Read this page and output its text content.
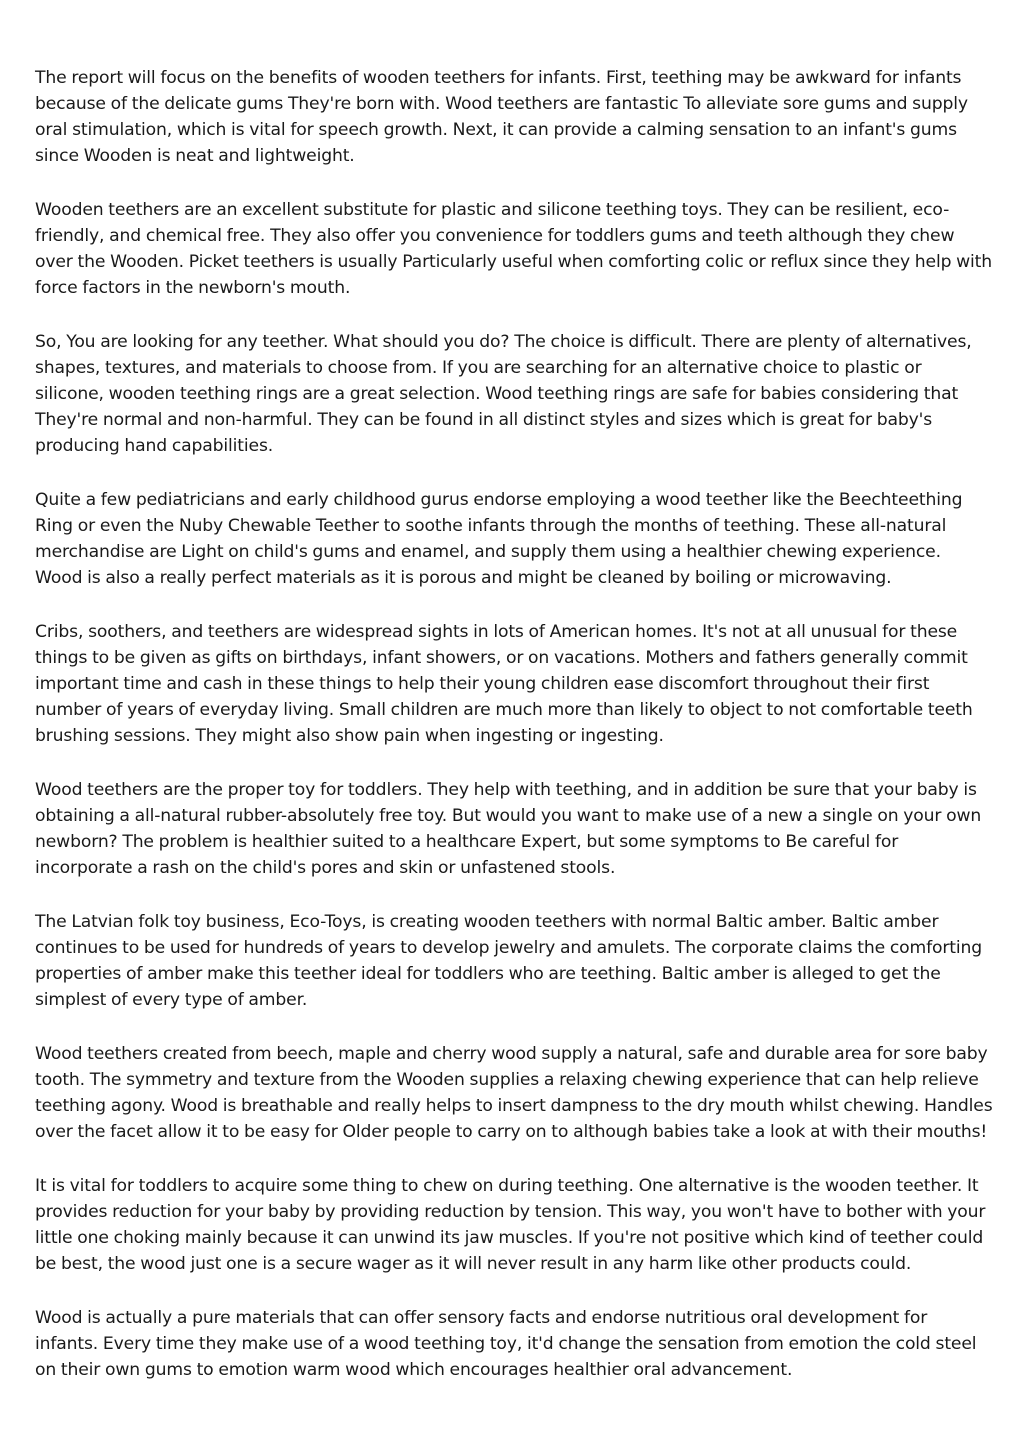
The report will focus on the benefits of wooden teethers for infants. First, teething may be awkward for infants because of the delicate gums They're born with. Wood teethers are fantastic To alleviate sore gums and supply oral stimulation, which is vital for speech growth. Next, it can provide a calming sensation to an infant's gums since Wooden is neat and lightweight.

Wooden teethers are an excellent substitute for plastic and silicone teething toys. They can be resilient, eco-friendly, and chemical free. They also offer you convenience for toddlers gums and teeth although they chew over the Wooden. Picket teethers is usually Particularly useful when comforting colic or reflux since they help with force factors in the newborn's mouth.

So, You are looking for any teether. What should you do? The choice is difficult. There are plenty of alternatives, shapes, textures, and materials to choose from. If you are searching for an alternative choice to plastic or silicone, wooden teething rings are a great selection. Wood teething rings are safe for babies considering that They're normal and non-harmful. They can be found in all distinct styles and sizes which is great for baby's producing hand capabilities.

Quite a few pediatricians and early childhood gurus endorse employing a wood teether like the Beechteething Ring or even the Nuby Chewable Teether to soothe infants through the months of teething. These all-natural merchandise are Light on child's gums and enamel, and supply them using a healthier chewing experience. Wood is also a really perfect materials as it is porous and might be cleaned by boiling or microwaving.

Cribs, soothers, and teethers are widespread sights in lots of American homes. It's not at all unusual for these things to be given as gifts on birthdays, infant showers, or on vacations. Mothers and fathers generally commit important time and cash in these things to help their young children ease discomfort throughout their first number of years of everyday living. Small children are much more than likely to object to not comfortable teeth brushing sessions. They might also show pain when ingesting or ingesting.

Wood teethers are the proper toy for toddlers. They help with teething, and in addition be sure that your baby is obtaining a all-natural rubber-absolutely free toy. But would you want to make use of a new a single on your own newborn? The problem is healthier suited to a healthcare Expert, but some symptoms to Be careful for incorporate a rash on the child's pores and skin or unfastened stools.

The Latvian folk toy business, Eco-Toys, is creating wooden teethers with normal Baltic amber. Baltic amber continues to be used for hundreds of years to develop jewelry and amulets. The corporate claims the comforting properties of amber make this teether ideal for toddlers who are teething. Baltic amber is alleged to get the simplest of every type of amber.

Wood teethers created from beech, maple and cherry wood supply a natural, safe and durable area for sore baby tooth. The symmetry and texture from the Wooden supplies a relaxing chewing experience that can help relieve teething agony. Wood is breathable and really helps to insert dampness to the dry mouth whilst chewing. Handles over the facet allow it to be easy for Older people to carry on to although babies take a look at with their mouths!

It is vital for toddlers to acquire some thing to chew on during teething. One alternative is the wooden teether. It provides reduction for your baby by providing reduction by tension. This way, you won't have to bother with your little one choking mainly because it can unwind its jaw muscles. If you're not positive which kind of teether could be best, the wood just one is a secure wager as it will never result in any harm like other products could.

Wood is actually a pure materials that can offer sensory facts and endorse nutritious oral development for infants. Every time they make use of a wood teething toy, it'd change the sensation from emotion the cold steel on their own gums to emotion warm wood which encourages healthier oral advancement.
